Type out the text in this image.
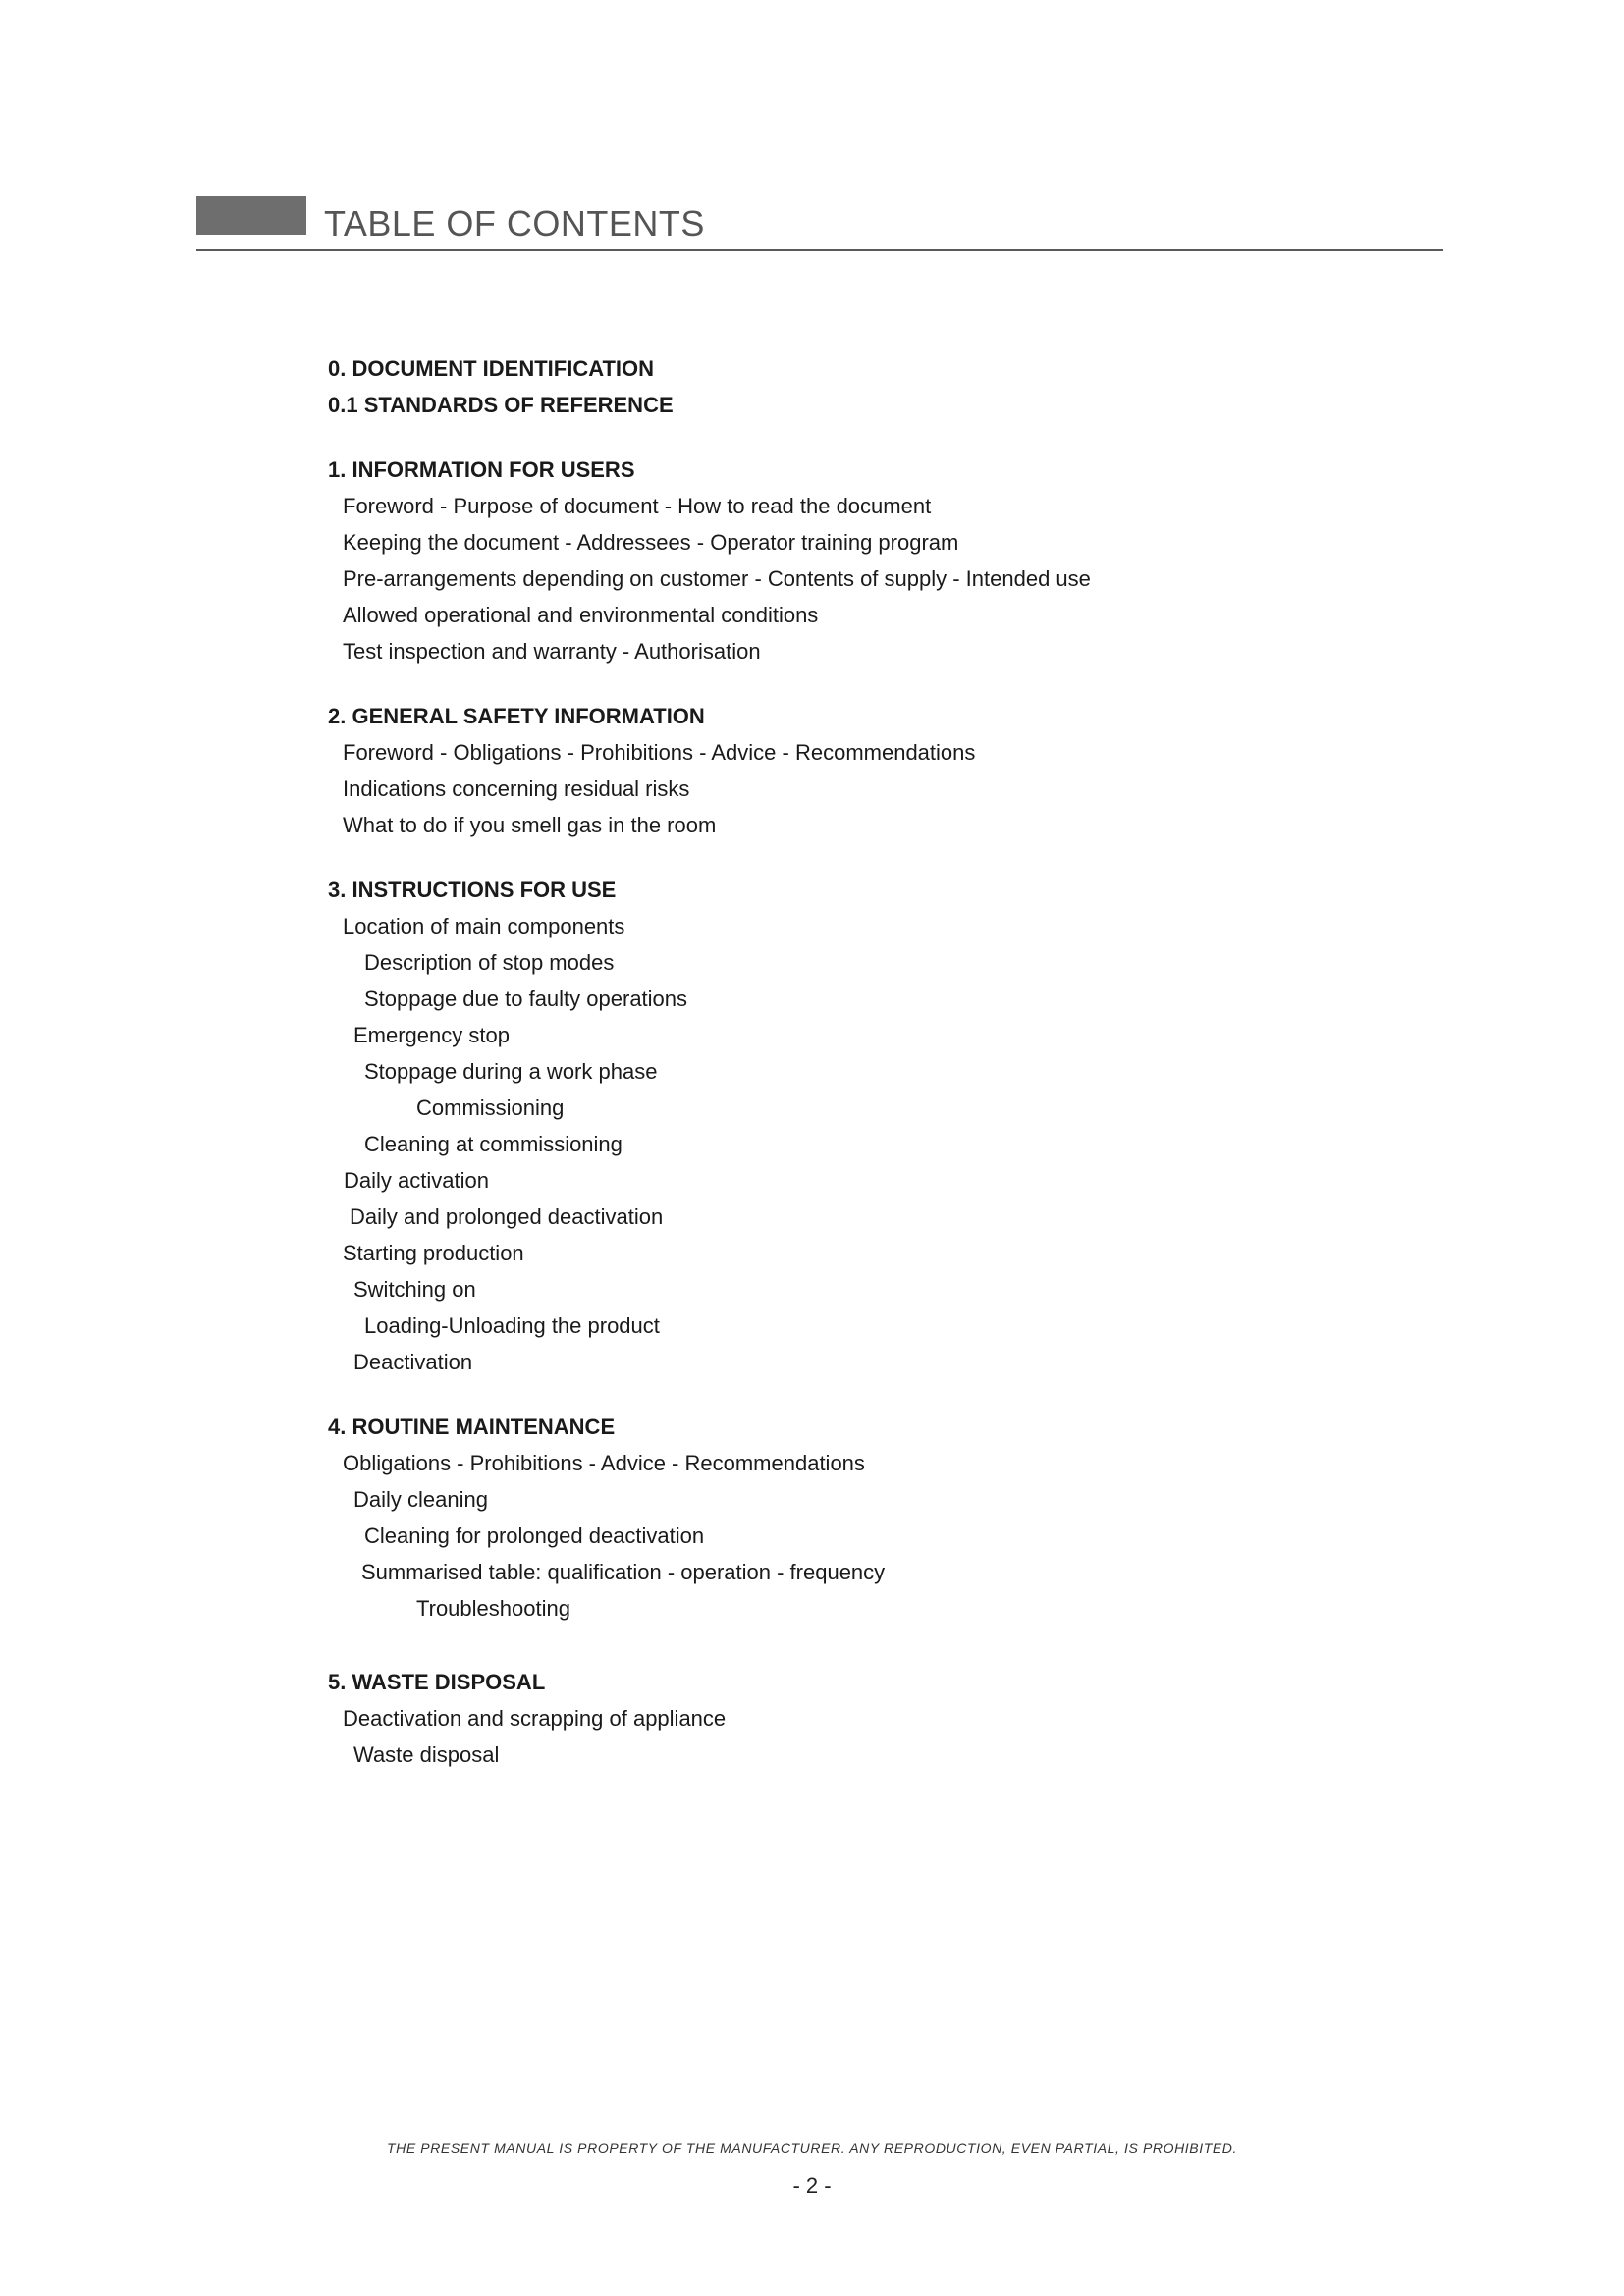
TABLE OF CONTENTS
0. DOCUMENT IDENTIFICATION
0.1 STANDARDS OF REFERENCE
1. INFORMATION FOR USERS
Foreword - Purpose of document - How to read the document
Keeping the document - Addressees - Operator training program
Pre-arrangements depending on customer - Contents of supply - Intended use
Allowed operational and environmental conditions
Test inspection and warranty - Authorisation
2. GENERAL SAFETY INFORMATION
Foreword - Obligations - Prohibitions - Advice - Recommendations
Indications concerning residual risks
What to do if you smell gas in the room
3. INSTRUCTIONS FOR USE
Location of main components
Description of stop modes
Stoppage due to faulty operations
Emergency stop
Stoppage during a work phase
Commissioning
Cleaning at commissioning
Daily activation
Daily and prolonged deactivation
Starting production
Switching on
Loading-Unloading the product
Deactivation
4. ROUTINE MAINTENANCE
Obligations - Prohibitions - Advice - Recommendations
Daily cleaning
Cleaning for prolonged deactivation
Summarised table: qualification - operation - frequency
Troubleshooting
5. WASTE DISPOSAL
Deactivation and scrapping of appliance
Waste disposal
THE PRESENT MANUAL IS PROPERTY OF THE MANUFACTURER. ANY REPRODUCTION, EVEN PARTIAL, IS PROHIBITED.
- 2 -
